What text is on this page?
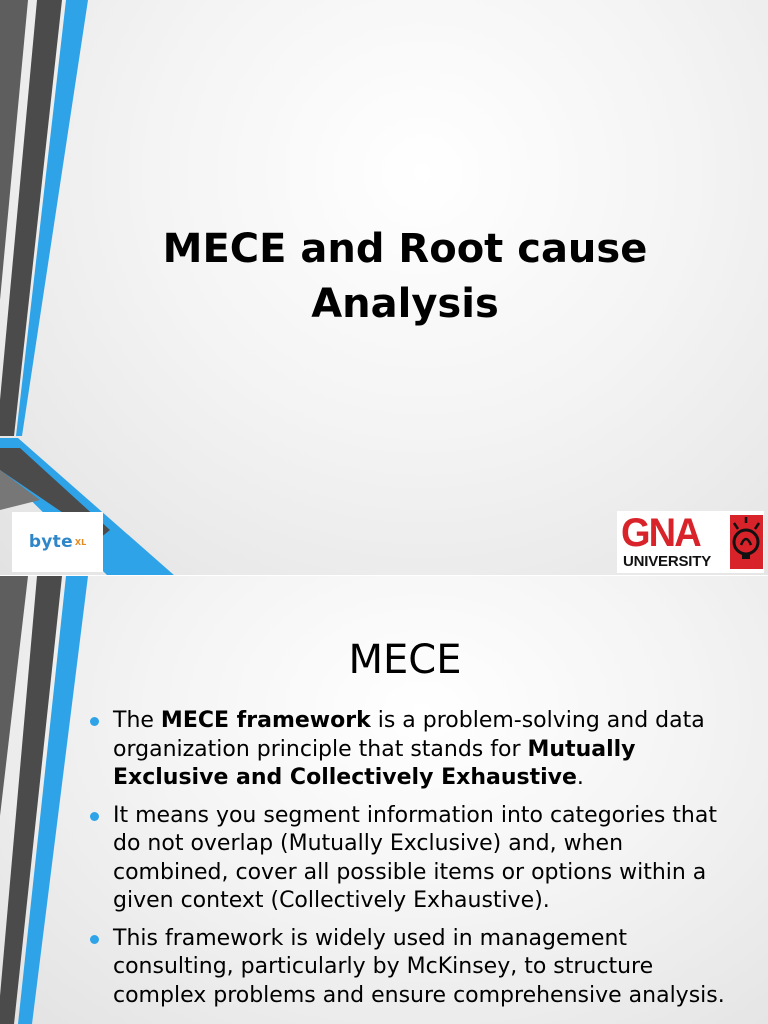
MECE and Root cause Analysis
byte XL	GNA
UNIVERSITY
MECE
The MECE framework is a problem-solving and data organization principle that stands for Mutually Exclusive and Collectively Exhaustive.
It means you segment information into categories that do not overlap (Mutually Exclusive) and, when combined, cover all possible items or options within a given context (Collectively Exhaustive).
This framework is widely used in management consulting, particularly by McKinsey, to structure complex problems and ensure comprehensive analysis.
